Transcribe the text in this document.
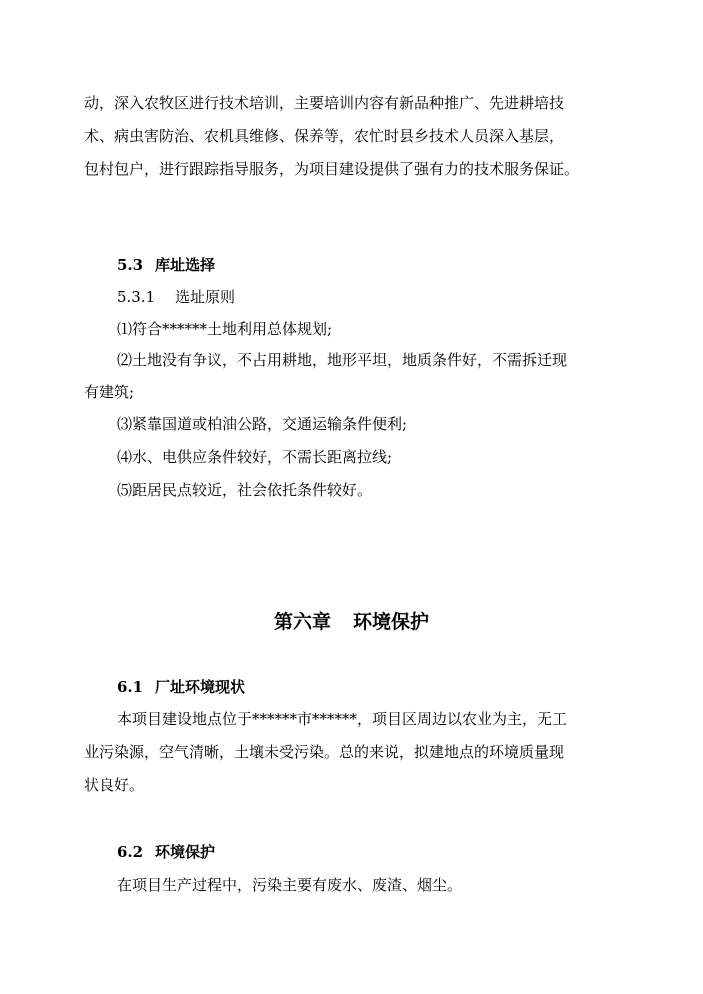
动，深入农牧区进行技术培训，主要培训内容有新品种推广、先进耕培技
术、病虫害防治、农机具维修、保养等，农忙时县乡技术人员深入基层，
包村包户，进行跟踪指导服务，为项目建设提供了强有力的技术服务保证。
5.3 库址选择
5.3.1 选址原则
⑴符合******土地利用总体规划;
⑵土地没有争议，不占用耕地，地形平坦，地质条件好，不需拆迁现
有建筑;
⑶紧靠国道或柏油公路，交通运输条件便利;
⑷水、电供应条件较好，不需长距离拉线;
⑸距居民点较近，社会依托条件较好。
第六章 环境保护
6.1 厂址环境现状
本项目建设地点位于******市******，项目区周边以农业为主，无工
业污染源，空气清晰，土壤未受污染。总的来说，拟建地点的环境质量现
状良好。
6.2 环境保护
在项目生产过程中，污染主要有废水、废渣、烟尘。
